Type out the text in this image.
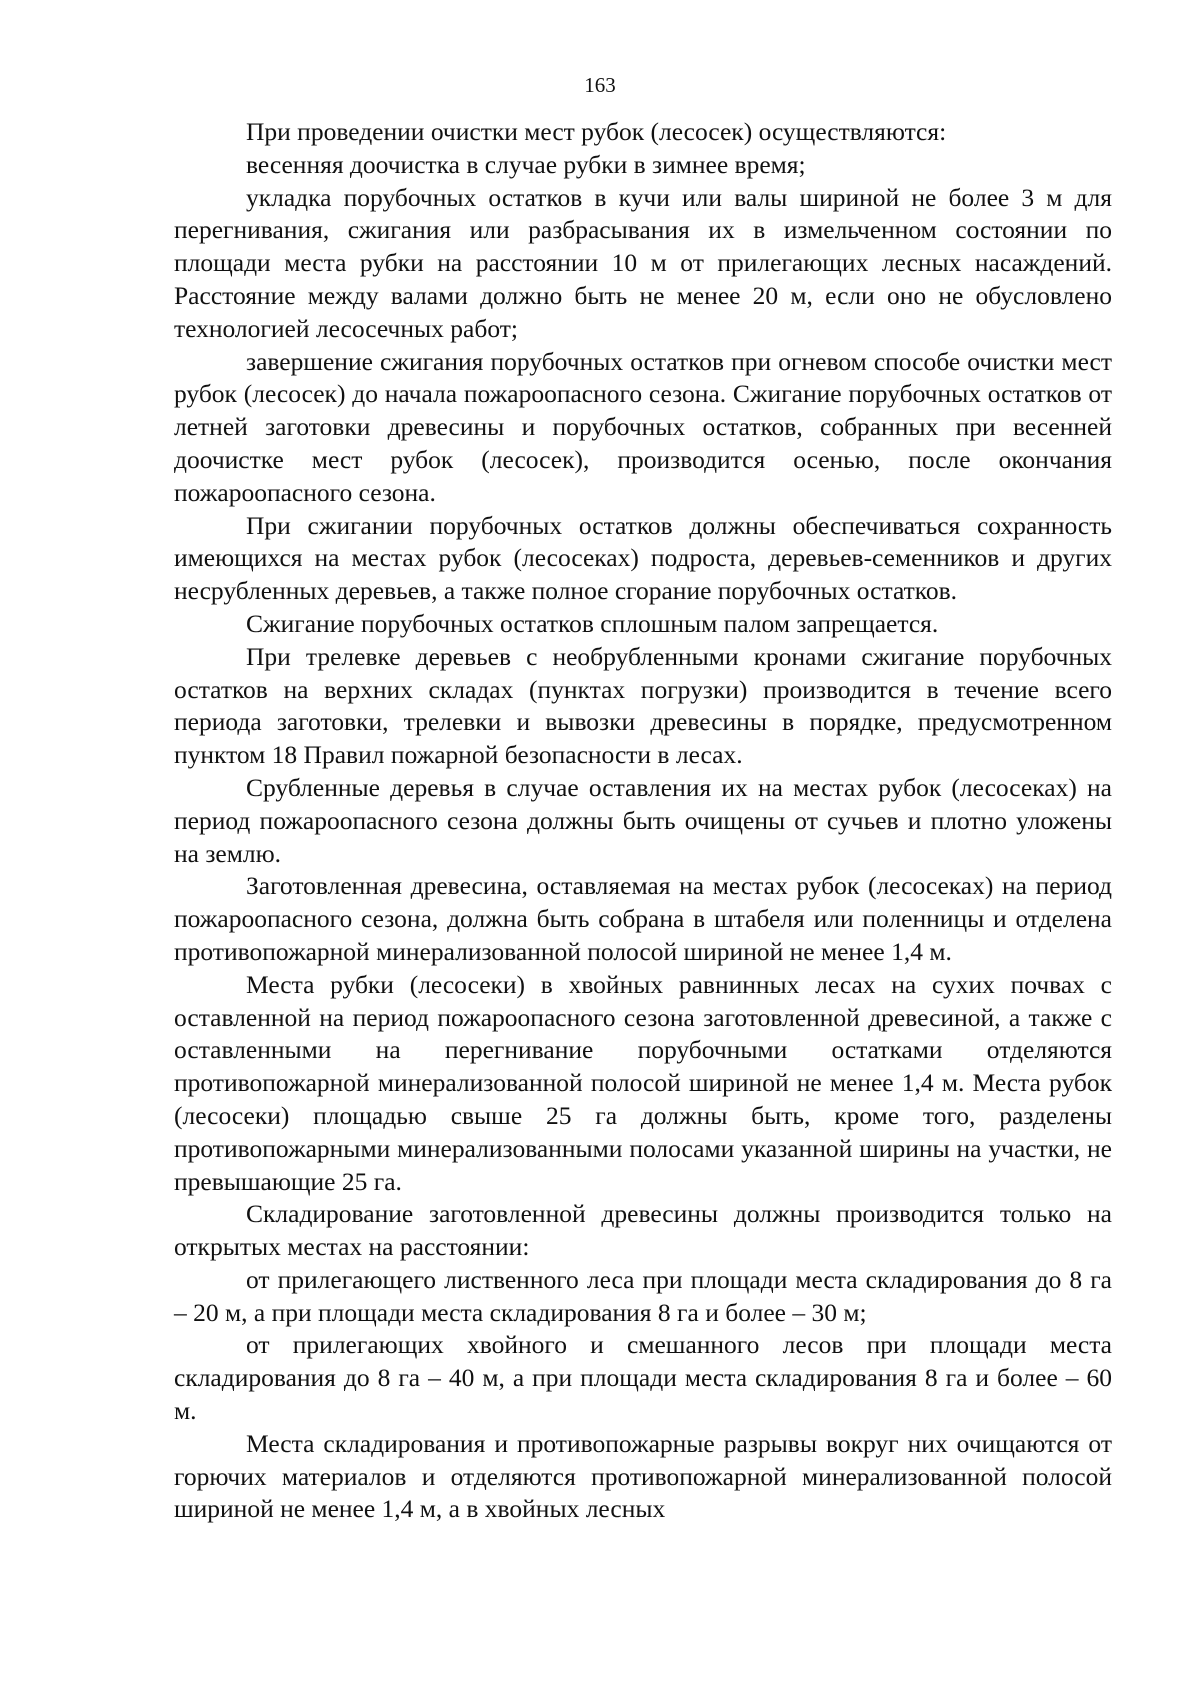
163

При проведении очистки мест рубок (лесосек) осуществляются:

весенняя доочистка в случае рубки в зимнее время;

укладка порубочных остатков в кучи или валы шириной не более 3 м для перегнивания, сжигания или разбрасывания их в измельченном состоянии по площади места рубки на расстоянии 10 м от прилегающих лесных насаждений. Расстояние между валами должно быть не менее 20 м, если оно не обусловлено технологией лесосечных работ;

завершение сжигания порубочных остатков при огневом способе очистки мест рубок (лесосек) до начала пожароопасного сезона. Сжигание порубочных остатков от летней заготовки древесины и порубочных остатков, собранных при весенней доочистке мест рубок (лесосек), производится осенью, после окончания пожароопасного сезона.

При сжигании порубочных остатков должны обеспечиваться сохранность имеющихся на местах рубок (лесосеках) подроста, деревьев-семенников и других несрубленных деревьев, а также полное сгорание порубочных остатков.

Сжигание порубочных остатков сплошным палом запрещается.

При трелевке деревьев с необрубленными кронами сжигание порубочных остатков на верхних складах (пунктах погрузки) производится в течение всего периода заготовки, трелевки и вывозки древесины в порядке, предусмотренном пунктом 18 Правил пожарной безопасности в лесах.

Срубленные деревья в случае оставления их на местах рубок (лесосеках) на период пожароопасного сезона должны быть очищены от сучьев и плотно уложены на землю.

Заготовленная древесина, оставляемая на местах рубок (лесосеках) на период пожароопасного сезона, должна быть собрана в штабеля или поленницы и отделена противопожарной минерализованной полосой шириной не менее 1,4 м.

Места рубки (лесосеки) в хвойных равнинных лесах на сухих почвах с оставленной на период пожароопасного сезона заготовленной древесиной, а также с оставленными на перегнивание порубочными остатками отделяются противопожарной минерализованной полосой шириной не менее 1,4 м. Места рубок (лесосеки) площадью свыше 25 га должны быть, кроме того, разделены противопожарными минерализованными полосами указанной ширины на участки, не превышающие 25 га.

Складирование заготовленной древесины должны производится только на открытых местах на расстоянии:

от прилегающего лиственного леса при площади места складирования до 8 га – 20 м, а при площади места складирования 8 га и более – 30 м;

от прилегающих хвойного и смешанного лесов при площади места складирования до 8 га – 40 м, а при площади места складирования 8 га и более – 60 м.

Места складирования и противопожарные разрывы вокруг них очищаются от горючих материалов и отделяются противопожарной минерализованной полосой шириной не менее 1,4 м, а в хвойных лесных
